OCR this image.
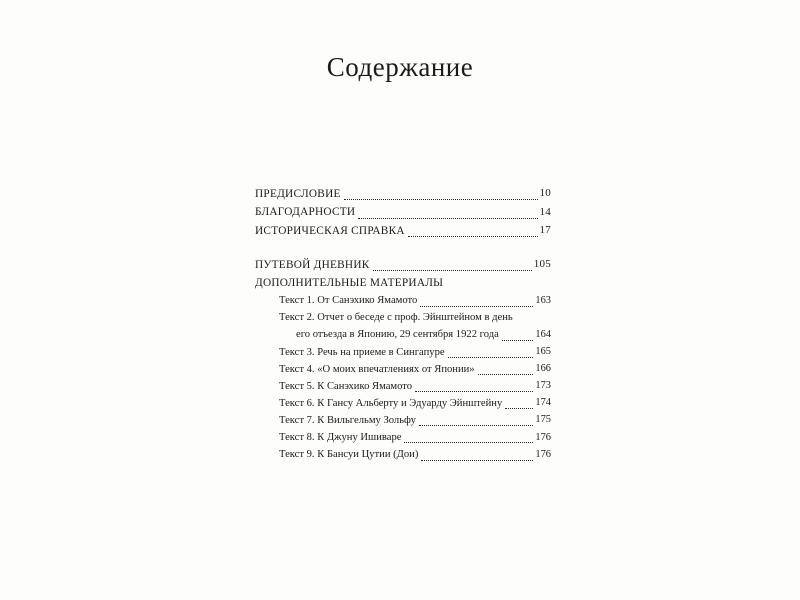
Содержание
ПРЕДИСЛОВИЕ	10
БЛАГОДАРНОСТИ	14
ИСТОРИЧЕСКАЯ СПРАВКА	17
ПУТЕВОЙ ДНЕВНИК	105
ДОПОЛНИТЕЛЬНЫЕ МАТЕРИАЛЫ
Текст 1. От Санэхико Ямамото	163
Текст 2. Отчет о беседе с проф. Эйнштейном в день
его отъезда в Японию, 29 сентября 1922 года	164
Текст 3. Речь на приеме в Сингапуре	165
Текст 4. «О моих впечатлениях от Японии»	166
Текст 5. К Санэхико Ямамото	173
Текст 6. К Гансу Альберту и Эдуарду Эйнштейну	174
Текст 7. К Вильгельму Зольфу	175
Текст 8. К Джуну Ишиваре	176
Текст 9. К Бансуи Цутии (Дои)	176
